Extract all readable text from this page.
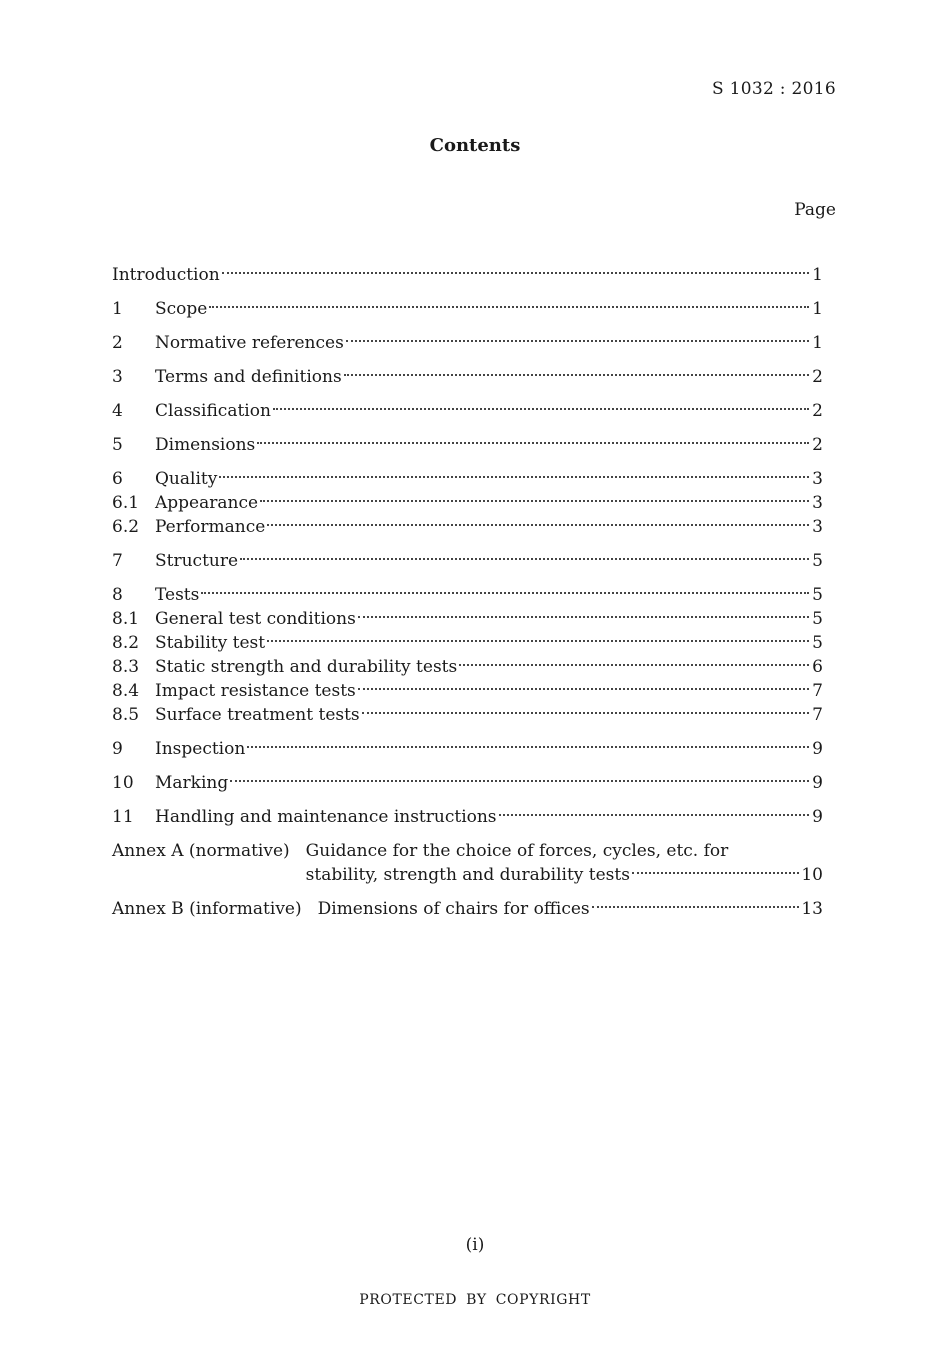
S 1032 : 2016
Contents
Page
Introduction	1
1	Scope	1
2	Normative references	1
3	Terms and definitions	2
4	Classification	2
5	Dimensions	2
6	Quality	3
6.1 Appearance	3
6.2 Performance	3
7	Structure	5
8	Tests	5
8.1 General test conditions	5
8.2 Stability test	5
8.3 Static strength and durability tests	6
8.4 Impact resistance tests	7
8.5 Surface treatment tests	7
9	Inspection	9
10	Marking	9
11	Handling and maintenance instructions	9
Annex A (normative) Guidance for the choice of forces, cycles, etc. for
stability, strength and durability tests	10
Annex B (informative) Dimensions of chairs for offices	13
(i)
PROTECTED BY COPYRIGHT
